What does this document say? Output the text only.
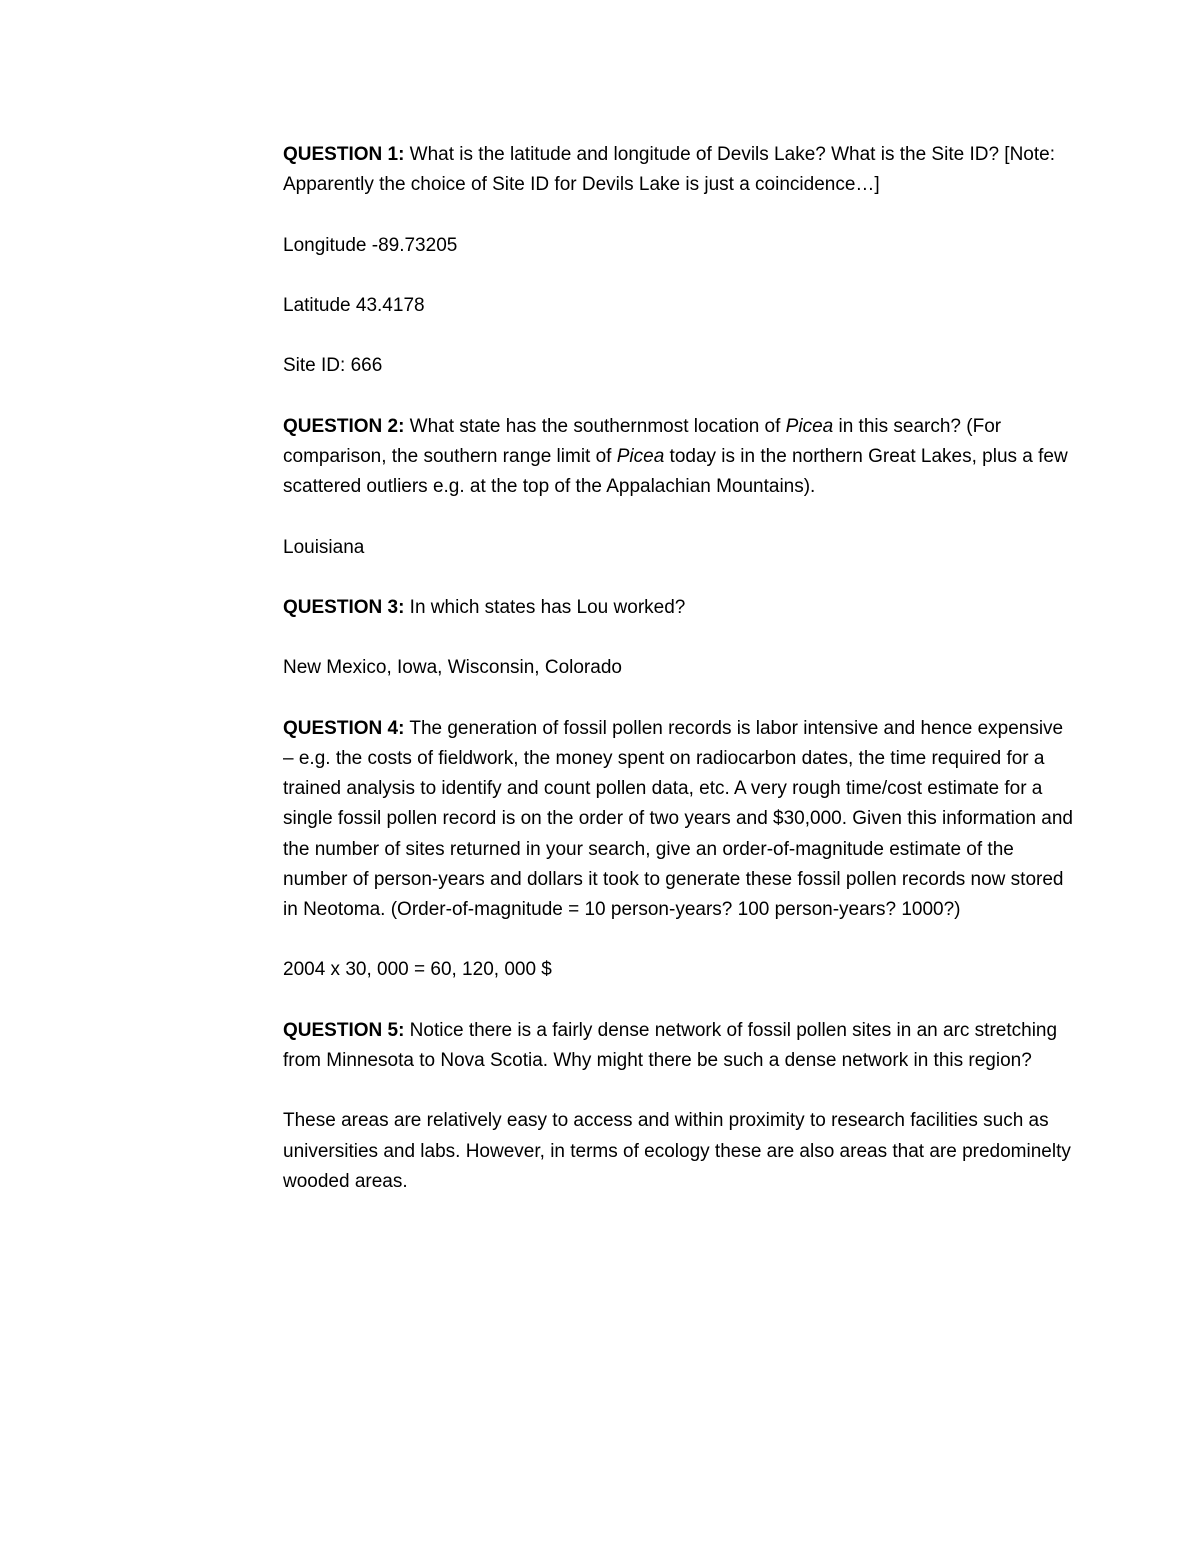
QUESTION 1: What is the latitude and longitude of Devils Lake? What is the Site ID? [Note: Apparently the choice of Site ID for Devils Lake is just a coincidence…]

Longitude -89.73205

Latitude 43.4178

Site ID: 666

QUESTION 2: What state has the southernmost location of Picea in this search? (For comparison, the southern range limit of Picea today is in the northern Great Lakes, plus a few scattered outliers e.g. at the top of the Appalachian Mountains).

Louisiana

QUESTION 3: In which states has Lou worked?

New Mexico, Iowa, Wisconsin, Colorado

QUESTION 4: The generation of fossil pollen records is labor intensive and hence expensive – e.g. the costs of fieldwork, the money spent on radiocarbon dates, the time required for a trained analysis to identify and count pollen data, etc. A very rough time/cost estimate for a single fossil pollen record is on the order of two years and $30,000. Given this information and the number of sites returned in your search, give an order-of-magnitude estimate of the number of person-years and dollars it took to generate these fossil pollen records now stored in Neotoma. (Order-of-magnitude = 10 person-years? 100 person-years? 1000?)

2004 x 30, 000 = 60, 120, 000 $

QUESTION 5: Notice there is a fairly dense network of fossil pollen sites in an arc stretching from Minnesota to Nova Scotia. Why might there be such a dense network in this region?

These areas are relatively easy to access and within proximity to research facilities such as universities and labs. However, in terms of ecology these are also areas that are predominelty wooded areas.
